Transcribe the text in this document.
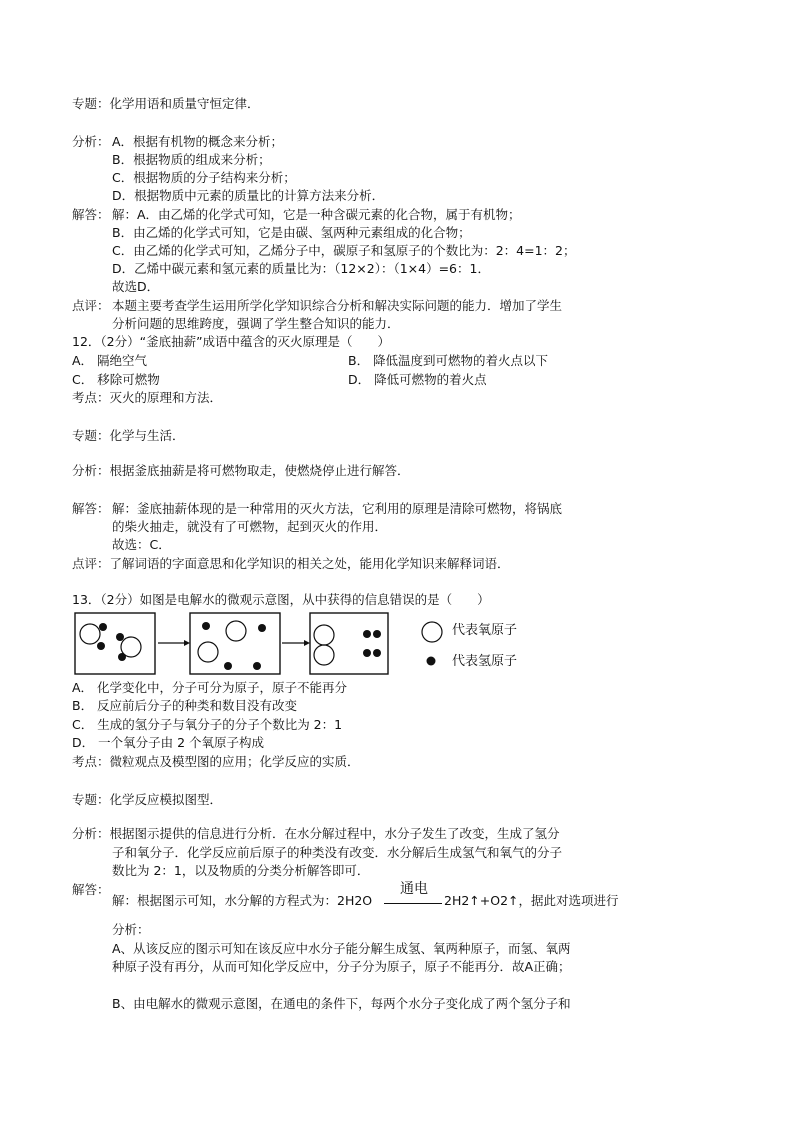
专题：化学用语和质量守恒定律．
分析： A．根据有机物的概念来分析；
B．根据物质的组成来分析；
C．根据物质的分子结构来分析；
D．根据物质中元素的质量比的计算方法来分析．
解答： 解：A．由乙烯的化学式可知，它是一种含碳元素的化合物，属于有机物；
B．由乙烯的化学式可知，它是由碳、氢两种元素组成的化合物；
C．由乙烯的化学式可知，乙烯分子中，碳原子和氢原子的个数比为：2：4=1：2；
D．乙烯中碳元素和氢元素的质量比为：（12×2）：（1×4）=6：1．
故选D．
点评： 本题主要考查学生运用所学化学知识综合分析和解决实际问题的能力．增加了学生
分析问题的思维跨度，强调了学生整合知识的能力．
12．（2分）“釜底抽薪”成语中蕴含的灭火原理是（　　）
A． 隔绝空气	B． 降低温度到可燃物的着火点以下
C． 移除可燃物	D． 降低可燃物的着火点
考点：灭火的原理和方法．
专题：化学与生活．
分析：根据釜底抽薪是将可燃物取走，使燃烧停止进行解答．
解答： 解：釜底抽薪体现的是一种常用的灭火方法，它利用的原理是清除可燃物，将锅底
的柴火抽走，就没有了可燃物，起到灭火的作用．
故选：C．
点评：了解词语的字面意思和化学知识的相关之处，能用化学知识来解释词语．
13．（2分）如图是电解水的微观示意图，从中获得的信息错误的是（　　）
代表氧原子
代表氢原子
A． 化学变化中，分子可分为原子，原子不能再分
B． 反应前后分子的种类和数目没有改变
C． 生成的氢分子与氧分子的分子个数比为 2：1
D． 一个氧分子由 2 个氧原子构成
考点：微粒观点及模型图的应用；化学反应的实质．
专题：化学反应模拟图型．
分析：根据图示提供的信息进行分析．在水分解过程中，水分子发生了改变，生成了氢分
子和氧分子．化学反应前后原子的种类没有改变．水分解后生成氢气和氧气的分子
数比为 2：1，以及物质的分类分析解答即可．
解答：
解：根据图示可知，水分解的方程式为：2H2O
通电
2H2↑+O2↑，据此对选项进行
分析：
A、从该反应的图示可知在该反应中水分子能分解生成氢、氧两种原子，而氢、氧两
种原子没有再分，从而可知化学反应中，分子分为原子，原子不能再分．故A正确；
B、由电解水的微观示意图，在通电的条件下，每两个水分子变化成了两个氢分子和
